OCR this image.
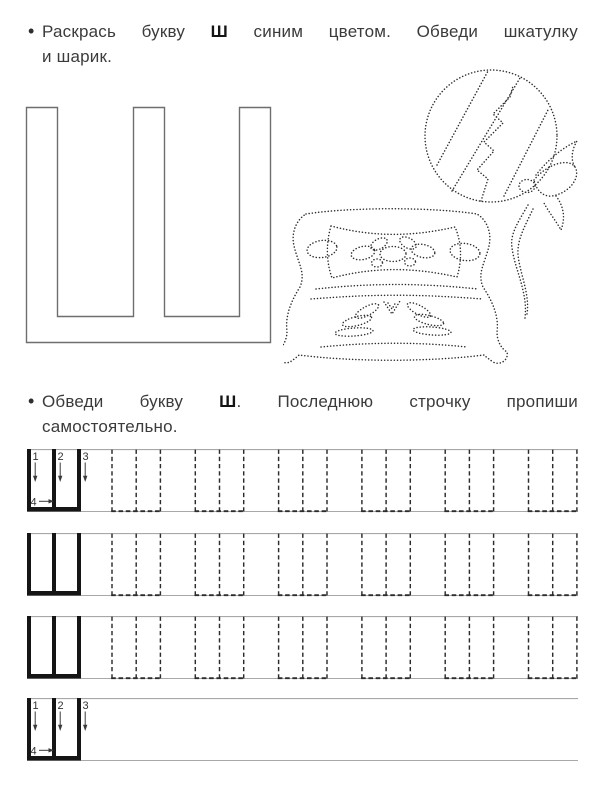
• Раскрась букву Ш синим цветом. Обведи шкатулку

и шарик.

• Обведи букву Ш. Последнюю строчку пропиши

самостоятельно.

1 2 3
4
1 2 3
4
